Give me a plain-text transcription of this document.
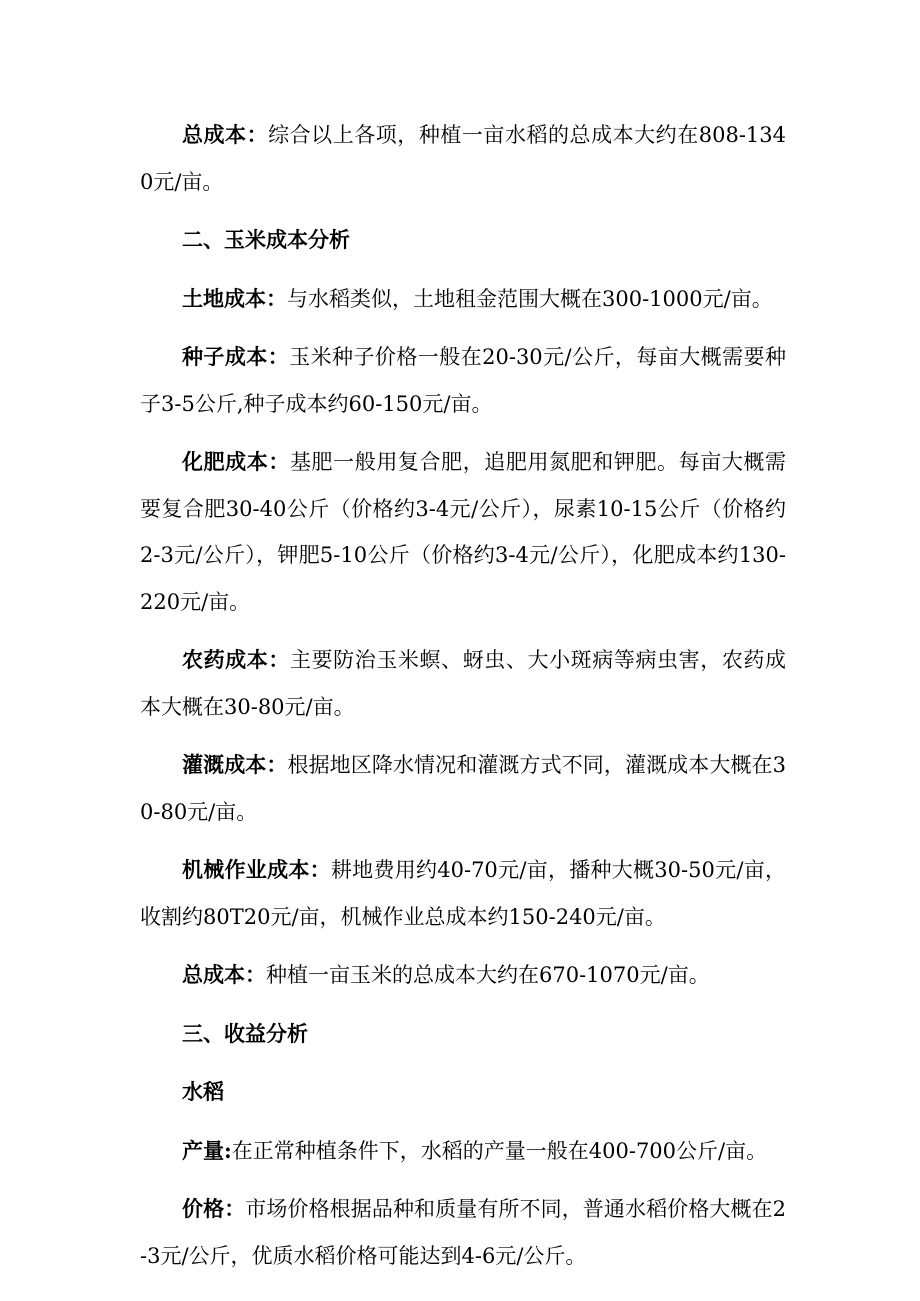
总成本：综合以上各项，种植一亩水稻的总成本大约在808-1340元/亩。

二、玉米成本分析

土地成本：与水稻类似，土地租金范围大概在300-1000元/亩。

种子成本：玉米种子价格一般在20-30元/公斤，每亩大概需要种子3-5公斤,种子成本约60-150元/亩。

化肥成本：基肥一般用复合肥，追肥用氮肥和钾肥。每亩大概需要复合肥30-40公斤（价格约3-4元/公斤），尿素10-15公斤（价格约2-3元/公斤），钾肥5-10公斤（价格约3-4元/公斤），化肥成本约130-220元/亩。

农药成本：主要防治玉米螟、蚜虫、大小斑病等病虫害，农药成本大概在30-80元/亩。

灌溉成本：根据地区降水情况和灌溉方式不同，灌溉成本大概在30-80元/亩。

机械作业成本：耕地费用约40-70元/亩，播种大概30-50元/亩，收割约80T20元/亩，机械作业总成本约150-240元/亩。

总成本：种植一亩玉米的总成本大约在670-1070元/亩。

三、收益分析

水稻

产量:在正常种植条件下，水稻的产量一般在400-700公斤/亩。

价格：市场价格根据品种和质量有所不同，普通水稻价格大概在2-3元/公斤，优质水稻价格可能达到4-6元/公斤。
